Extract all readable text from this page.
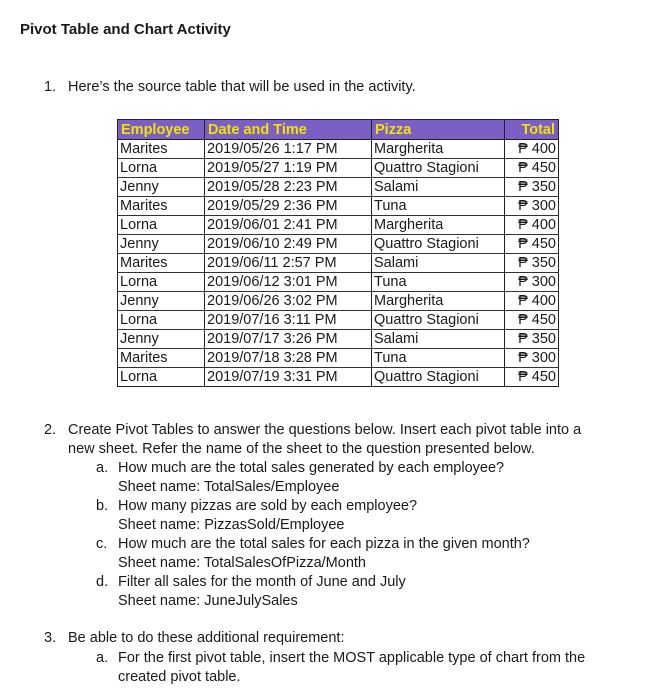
Pivot Table and Chart Activity
1. Here’s the source table that will be used in the activity.
Employee	Date and Time	Pizza	Total
Marites	2019/05/26 1:17 PM	Margherita	₱ 400
Lorna	2019/05/27 1:19 PM	Quattro Stagioni	₱ 450
Jenny	2019/05/28 2:23 PM	Salami	₱ 350
Marites	2019/05/29 2:36 PM	Tuna	₱ 300
Lorna	2019/06/01 2:41 PM	Margherita	₱ 400
Jenny	2019/06/10 2:49 PM	Quattro Stagioni	₱ 450
Marites	2019/06/11 2:57 PM	Salami	₱ 350
Lorna	2019/06/12 3:01 PM	Tuna	₱ 300
Jenny	2019/06/26 3:02 PM	Margherita	₱ 400
Lorna	2019/07/16 3:11 PM	Quattro Stagioni	₱ 450
Jenny	2019/07/17 3:26 PM	Salami	₱ 350
Marites	2019/07/18 3:28 PM	Tuna	₱ 300
Lorna	2019/07/19 3:31 PM	Quattro Stagioni	₱ 450
2. Create Pivot Tables to answer the questions below. Insert each pivot table into a
new sheet. Refer the name of the sheet to the question presented below.
a. How much are the total sales generated by each employee?
Sheet name: TotalSales/Employee
b. How many pizzas are sold by each employee?
Sheet name: PizzasSold/Employee
c. How much are the total sales for each pizza in the given month?
Sheet name: TotalSalesOfPizza/Month
d. Filter all sales for the month of June and July
Sheet name: JuneJulySales
3. Be able to do these additional requirement:
a. For the first pivot table, insert the MOST applicable type of chart from the
created pivot table.
